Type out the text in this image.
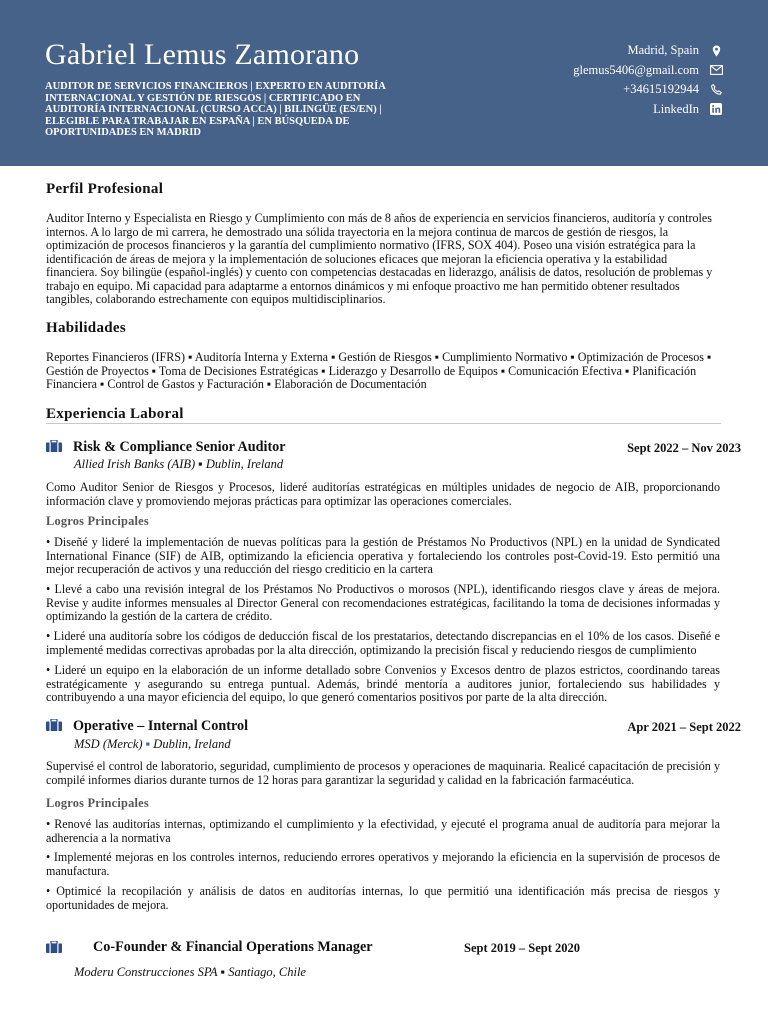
Gabriel Lemus Zamorano
AUDITOR DE SERVICIOS FINANCIEROS | EXPERTO EN AUDITORÍA INTERNACIONAL Y GESTIÓN DE RIESGOS | CERTIFICADO EN AUDITORÍA INTERNACIONAL (CURSO ACCA) | BILINGÜE (ES/EN) | ELEGIBLE PARA TRABAJAR EN ESPAÑA | EN BÚSQUEDA DE OPORTUNIDADES EN MADRID
Madrid, Spain
glemus5406@gmail.com
+34615192944
LinkedIn
Perfil Profesional
Auditor Interno y Especialista en Riesgo y Cumplimiento con más de 8 años de experiencia en servicios financieros, auditoría y controles internos. A lo largo de mi carrera, he demostrado una sólida trayectoria en la mejora continua de marcos de gestión de riesgos, la optimización de procesos financieros y la garantía del cumplimiento normativo (IFRS, SOX 404). Poseo una visión estratégica para la identificación de áreas de mejora y la implementación de soluciones eficaces que mejoran la eficiencia operativa y la estabilidad financiera. Soy bilingüe (español-inglés) y cuento con competencias destacadas en liderazgo, análisis de datos, resolución de problemas y trabajo en equipo. Mi capacidad para adaptarme a entornos dinámicos y mi enfoque proactivo me han permitido obtener resultados tangibles, colaborando estrechamente con equipos multidisciplinarios.
Habilidades
Reportes Financieros (IFRS) ▪ Auditoría Interna y Externa ▪ Gestión de Riesgos ▪ Cumplimiento Normativo ▪ Optimización de Procesos ▪ Gestión de Proyectos ▪ Toma de Decisiones Estratégicas ▪ Liderazgo y Desarrollo de Equipos ▪ Comunicación Efectiva ▪ Planificación Financiera ▪ Control de Gastos y Facturación ▪ Elaboración de Documentación
Experiencia Laboral
Risk & Compliance Senior Auditor	Sept 2022 – Nov 2023
Allied Irish Banks (AIB) ▪ Dublin, Ireland
Como Auditor Senior de Riesgos y Procesos, lideré auditorías estratégicas en múltiples unidades de negocio de AIB, proporcionando información clave y promoviendo mejoras prácticas para optimizar las operaciones comerciales.
Logros Principales
• Diseñé y lideré la implementación de nuevas políticas para la gestión de Préstamos No Productivos (NPL) en la unidad de Syndicated International Finance (SIF) de AIB, optimizando la eficiencia operativa y fortaleciendo los controles post-Covid-19. Esto permitió una mejor recuperación de activos y una reducción del riesgo crediticio en la cartera
• Llevé a cabo una revisión integral de los Préstamos No Productivos o morosos (NPL), identificando riesgos clave y áreas de mejora. Revise y audite informes mensuales al Director General con recomendaciones estratégicas, facilitando la toma de decisiones informadas y optimizando la gestión de la cartera de crédito.
• Lideré una auditoría sobre los códigos de deducción fiscal de los prestatarios, detectando discrepancias en el 10% de los casos. Diseñé e implementé medidas correctivas aprobadas por la alta dirección, optimizando la precisión fiscal y reduciendo riesgos de cumplimiento
• Lideré un equipo en la elaboración de un informe detallado sobre Convenios y Excesos dentro de plazos estrictos, coordinando tareas estratégicamente y asegurando su entrega puntual. Además, brindé mentoría a auditores junior, fortaleciendo sus habilidades y contribuyendo a una mayor eficiencia del equipo, lo que generó comentarios positivos por parte de la alta dirección.
Operative – Internal Control	Apr 2021 – Sept 2022
MSD (Merck) ▪ Dublin, Ireland
Supervisé el control de laboratorio, seguridad, cumplimiento de procesos y operaciones de maquinaria. Realicé capacitación de precisión y compilé informes diarios durante turnos de 12 horas para garantizar la seguridad y calidad en la fabricación farmacéutica.
Logros Principales
• Renové las auditorías internas, optimizando el cumplimiento y la efectividad, y ejecuté el programa anual de auditoría para mejorar la adherencia a la normativa
• Implementé mejoras en los controles internos, reduciendo errores operativos y mejorando la eficiencia en la supervisión de procesos de manufactura.
• Optimicé la recopilación y análisis de datos en auditorías internas, lo que permitió una identificación más precisa de riesgos y oportunidades de mejora.
Co-Founder & Financial Operations Manager	Sept 2019 – Sept 2020
Moderu Construcciones SPA ▪ Santiago, Chile
